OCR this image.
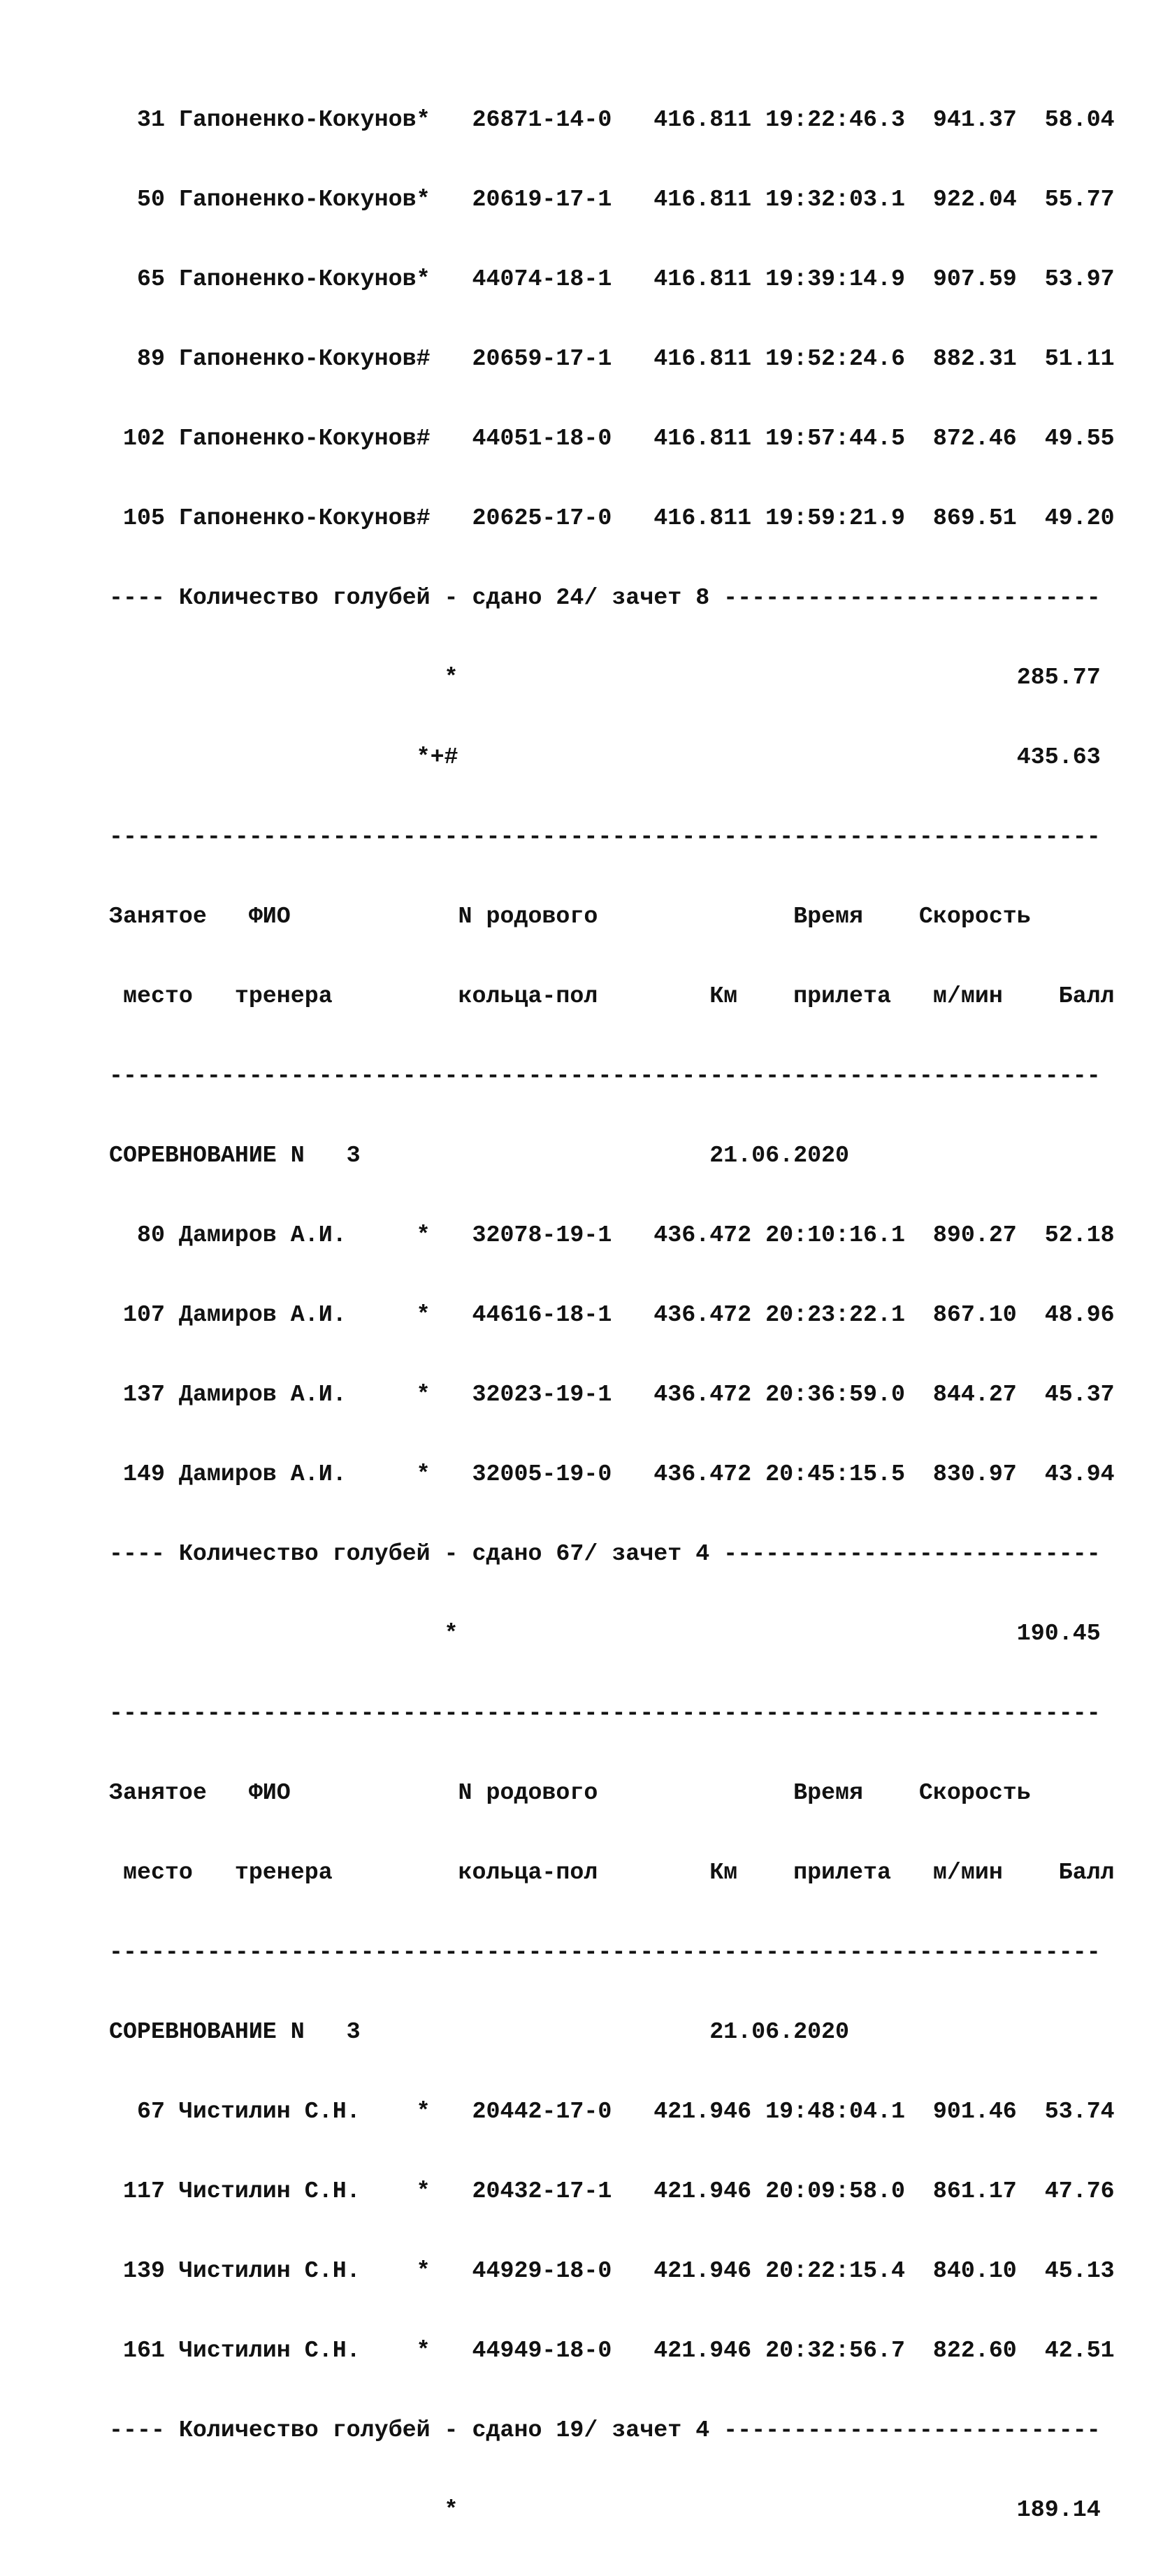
31 Гапоненко-Кокунов*   26871-14-0   416.811 19:22:46.3  941.37  58.04

50 Гапоненко-Кокунов*   20619-17-1   416.811 19:32:03.1  922.04  55.77

65 Гапоненко-Кокунов*   44074-18-1   416.811 19:39:14.9  907.59  53.97

89 Гапоненко-Кокунов#   20659-17-1   416.811 19:52:24.6  882.31  51.11

102 Гапоненко-Кокунов#   44051-18-0   416.811 19:57:44.5  872.46  49.55

105 Гапоненко-Кокунов#   20625-17-0   416.811 19:59:21.9  869.51  49.20

---- Количество голубей - сдано 24/ зачет 8 ---------------------------

*                                        285.77

*+#                                        435.63

-----------------------------------------------------------------------

Занятое   ФИО            N родового              Время    Скорость

место   тренера         кольца-пол        Км    прилета   м/мин    Балл

-----------------------------------------------------------------------

СОРЕВНОВАНИЕ N   3                         21.06.2020

80 Дамиров А.И.     *   32078-19-1   436.472 20:10:16.1  890.27  52.18

107 Дамиров А.И.     *   44616-18-1   436.472 20:23:22.1  867.10  48.96

137 Дамиров А.И.     *   32023-19-1   436.472 20:36:59.0  844.27  45.37

149 Дамиров А.И.     *   32005-19-0   436.472 20:45:15.5  830.97  43.94

---- Количество голубей - сдано 67/ зачет 4 ---------------------------

*                                        190.45

-----------------------------------------------------------------------

Занятое   ФИО            N родового              Время    Скорость

место   тренера         кольца-пол        Км    прилета   м/мин    Балл

-----------------------------------------------------------------------

СОРЕВНОВАНИЕ N   3                         21.06.2020

67 Чистилин С.Н.    *   20442-17-0   421.946 19:48:04.1  901.46  53.74

117 Чистилин С.Н.    *   20432-17-1   421.946 20:09:58.0  861.17  47.76

139 Чистилин С.Н.    *   44929-18-0   421.946 20:22:15.4  840.10  45.13

161 Чистилин С.Н.    *   44949-18-0   421.946 20:32:56.7  822.60  42.51

---- Количество голубей - сдано 19/ зачет 4 ---------------------------

*                                        189.14
